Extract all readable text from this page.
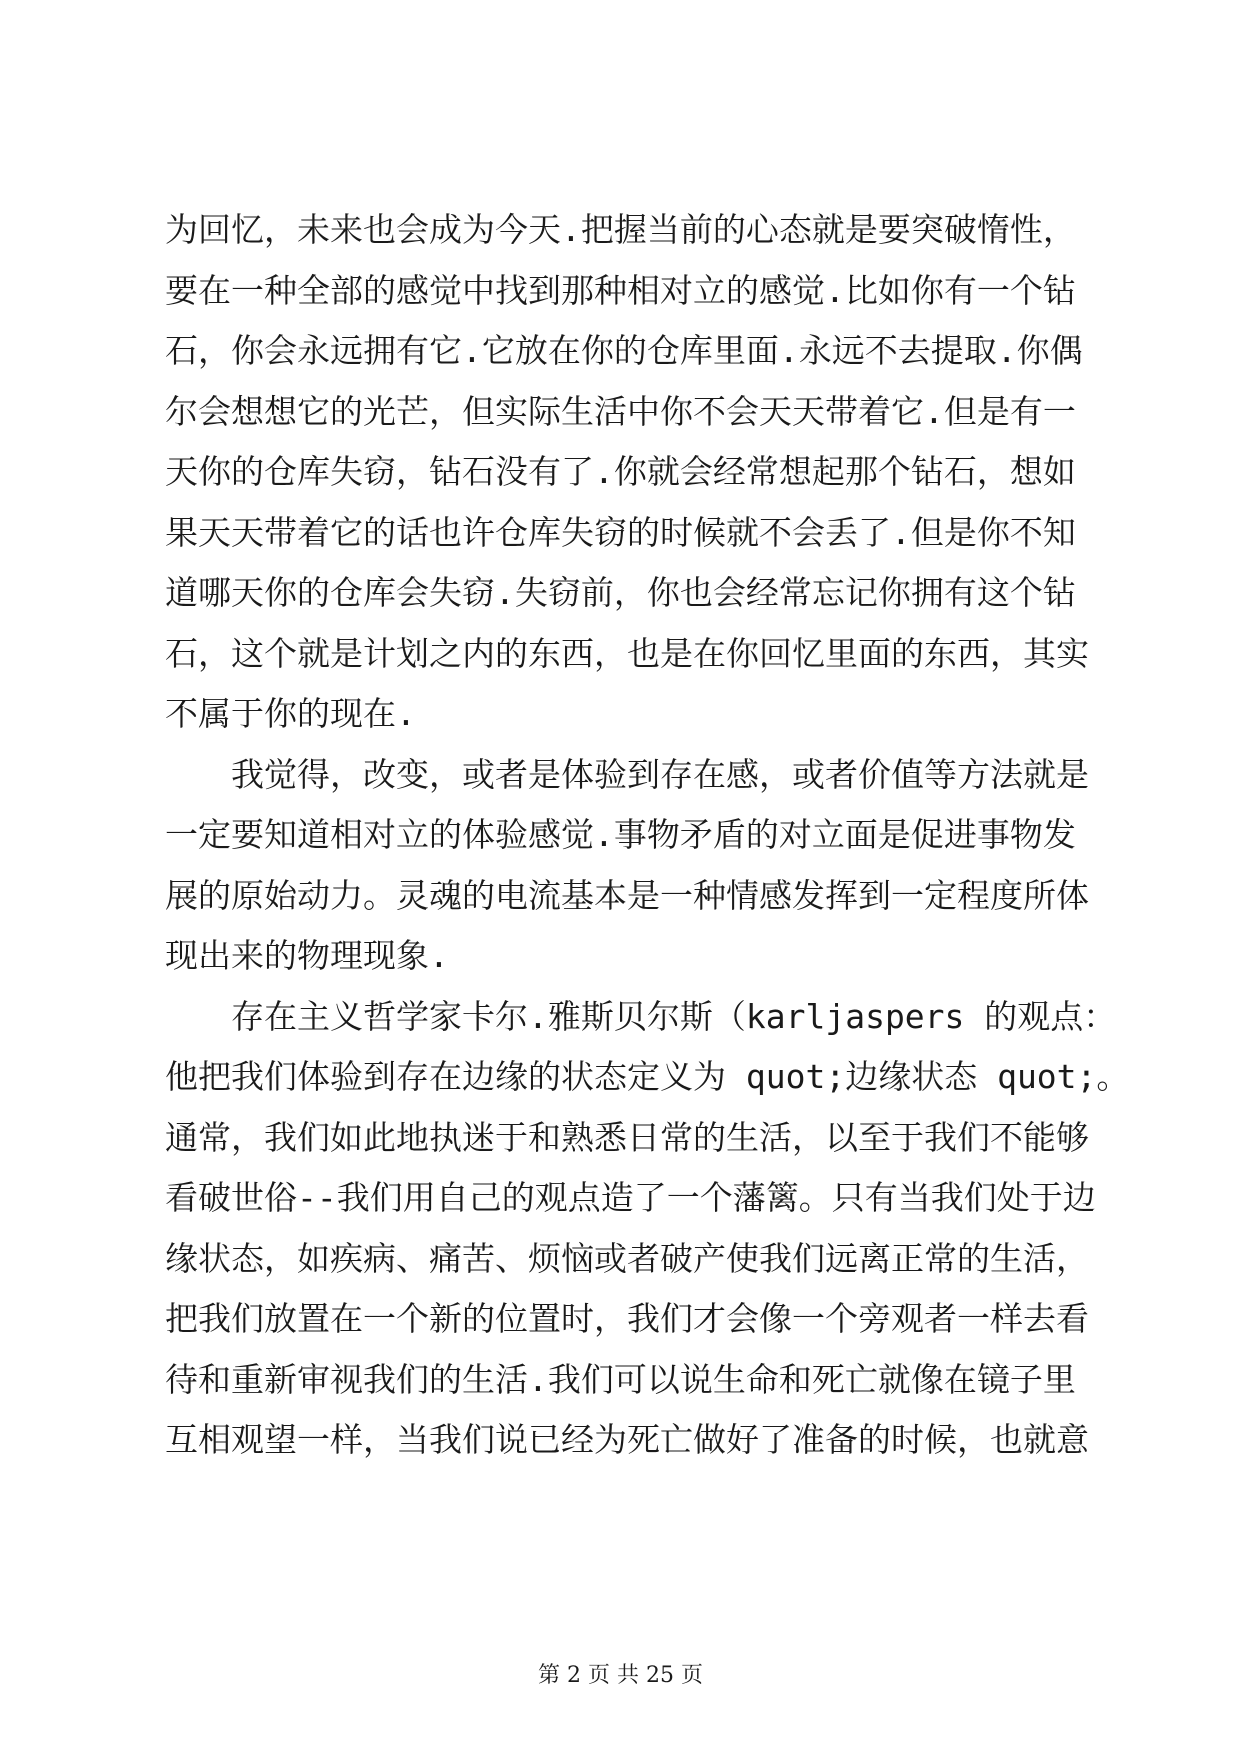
为回忆，未来也会成为今天.把握当前的心态就是要突破惰性，
要在一种全部的感觉中找到那种相对立的感觉.比如你有一个钻
石，你会永远拥有它.它放在你的仓库里面.永远不去提取.你偶
尔会想想它的光芒，但实际生活中你不会天天带着它.但是有一
天你的仓库失窃，钻石没有了.你就会经常想起那个钻石，想如
果天天带着它的话也许仓库失窃的时候就不会丢了.但是你不知
道哪天你的仓库会失窃.失窃前，你也会经常忘记你拥有这个钻
石，这个就是计划之内的东西，也是在你回忆里面的东西，其实
不属于你的现在.
我觉得，改变，或者是体验到存在感，或者价值等方法就是
一定要知道相对立的体验感觉.事物矛盾的对立面是促进事物发
展的原始动力。灵魂的电流基本是一种情感发挥到一定程度所体
现出来的物理现象.
存在主义哲学家卡尔.雅斯贝尔斯（karljaspers 的观点：
他把我们体验到存在边缘的状态定义为 quot;边缘状态 quot;。
通常，我们如此地执迷于和熟悉日常的生活，以至于我们不能够
看破世俗--我们用自己的观点造了一个藩篱。只有当我们处于边
缘状态，如疾病、痛苦、烦恼或者破产使我们远离正常的生活，
把我们放置在一个新的位置时，我们才会像一个旁观者一样去看
待和重新审视我们的生活.我们可以说生命和死亡就像在镜子里
互相观望一样，当我们说已经为死亡做好了准备的时候，也就意
第 2 页 共 25 页
